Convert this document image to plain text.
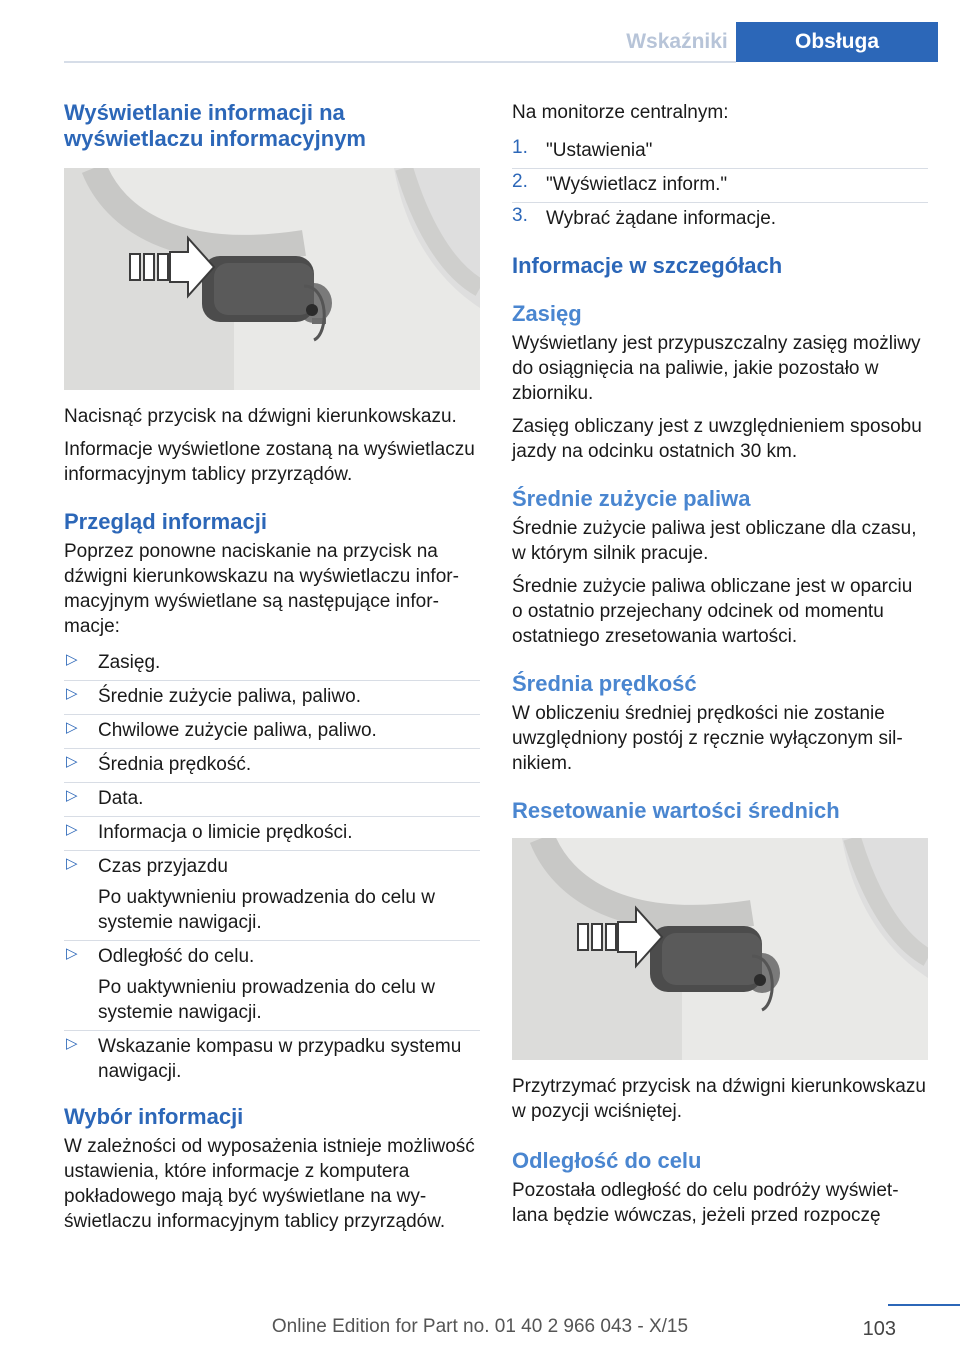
Wskaźniki	Obsługa
Wyświetlanie informacji na wyświetlaczu informacyjnym

Nacisnąć przycisk na dźwigni kierunkowskazu.

Informacje wyświetlone zostaną na wyświetlaczu informacyjnym tablicy przyrządów.

Przegląd informacji

Poprzez ponowne naciskanie na przycisk na dźwigni kierunkowskazu na wyświetlaczu informacyjnym wyświetlane są następujące informacje:

▷ Zasięg.
▷ Średnie zużycie paliwa, paliwo.
▷ Chwilowe zużycie paliwa, paliwo.
▷ Średnia prędkość.
▷ Data.
▷ Informacja o limicie prędkości.
▷ Czas przyjazdu
Po uaktywnieniu prowadzenia do celu w systemie nawigacji.
▷ Odległość do celu.
Po uaktywnieniu prowadzenia do celu w systemie nawigacji.
▷ Wskazanie kompasu w przypadku systemu nawigacji.
Wybór informacji

W zależności od wyposażenia istnieje możliwość ustawienia, które informacje z komputera pokładowego mają być wyświetlane na wyświetlaczu informacyjnym tablicy przyrządów.

Na monitorze centralnym:

1. "Ustawienia"
2. "Wyświetlacz inform."
3. Wybrać żądane informacje.
Informacje w szczegółach
Zasięg

Wyświetlany jest przypuszczalny zasięg możliwy do osiągnięcia na paliwie, jakie pozostało w zbiorniku.

Zasięg obliczany jest z uwzględnieniem sposobu jazdy na odcinku ostatnich 30 km.

Średnie zużycie paliwa

Średnie zużycie paliwa jest obliczane dla czasu, w którym silnik pracuje.

Średnie zużycie paliwa obliczane jest w oparciu o ostatnio przejechany odcinek od momentu ostatniego zresetowania wartości.

Średnia prędkość

W obliczeniu średniej prędkości nie zostanie uwzględniony postój z ręcznie wyłączonym silnikiem.

Resetowanie wartości średnich

Przytrzymać przycisk na dźwigni kierunkowskazu w pozycji wciśniętej.

Odległość do celu

Pozostała odległość do celu podróży wyświetlana będzie wówczas, jeżeli przed rozpoczę

103
Online Edition for Part no. 01 40 2 966 043 - X/15
